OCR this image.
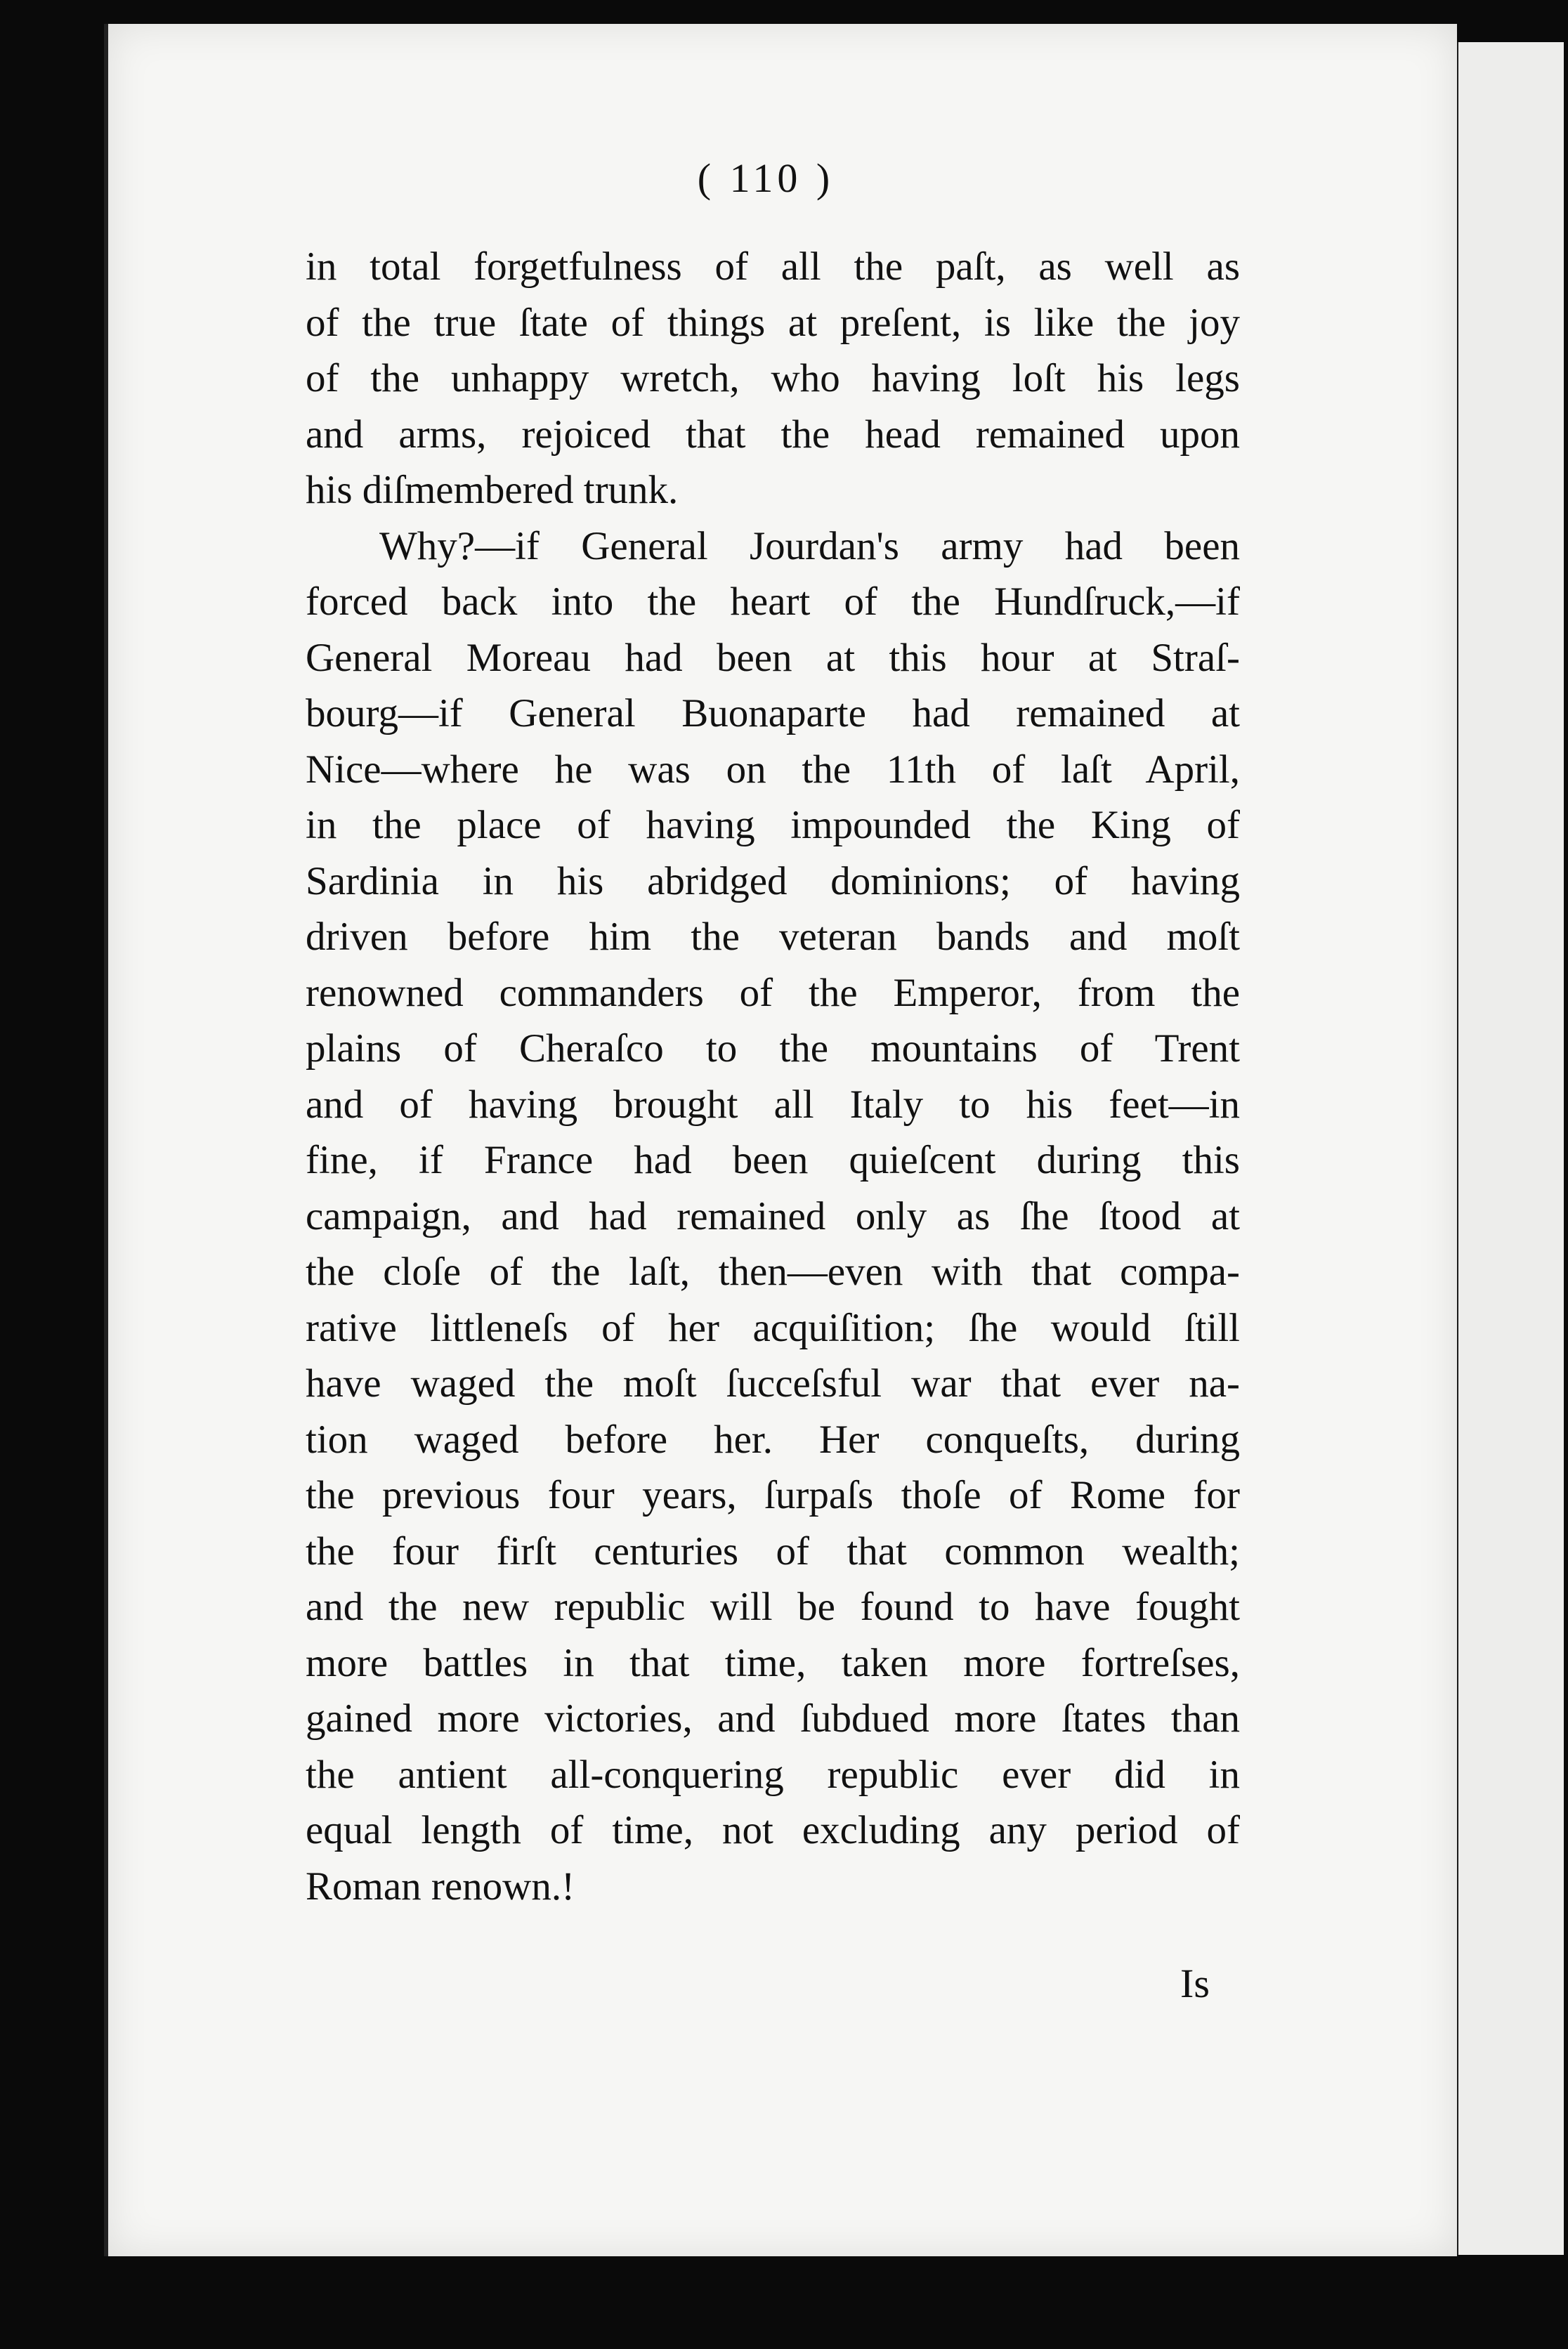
( 110 )
in total forgetfulness of all the paſt, as well as
of the true ſtate of things at preſent, is like the joy
of the unhappy wretch, who having loſt his legs
and arms, rejoiced that the head remained upon
his diſmembered trunk.
Why?—if General Jourdan's army had been
forced back into the heart of the Hundſruck,—if
General Moreau had been at this hour at Straſ-
bourg—if General Buonaparte had remained at
Nice—where he was on the 11th of laſt April,
in the place of having impounded the King of
Sardinia in his abridged dominions; of having
driven before him the veteran bands and moſt
renowned commanders of the Emperor, from the
plains of Cheraſco to the mountains of Trent
and of having brought all Italy to his feet—in
fine, if France had been quieſcent during this
campaign, and had remained only as ſhe ſtood at
the cloſe of the laſt, then—even with that compa-
rative littleneſs of her acquiſition; ſhe would ſtill
have waged the moſt ſucceſsful war that ever na-
tion waged before her. Her conqueſts, during
the previous four years, ſurpaſs thoſe of Rome for
the four firſt centuries of that common wealth;
and the new republic will be found to have fought
more battles in that time, taken more fortreſses,
gained more victories, and ſubdued more ſtates than
the antient all-conquering republic ever did in
equal length of time, not excluding any period of
Roman renown.!
Is
